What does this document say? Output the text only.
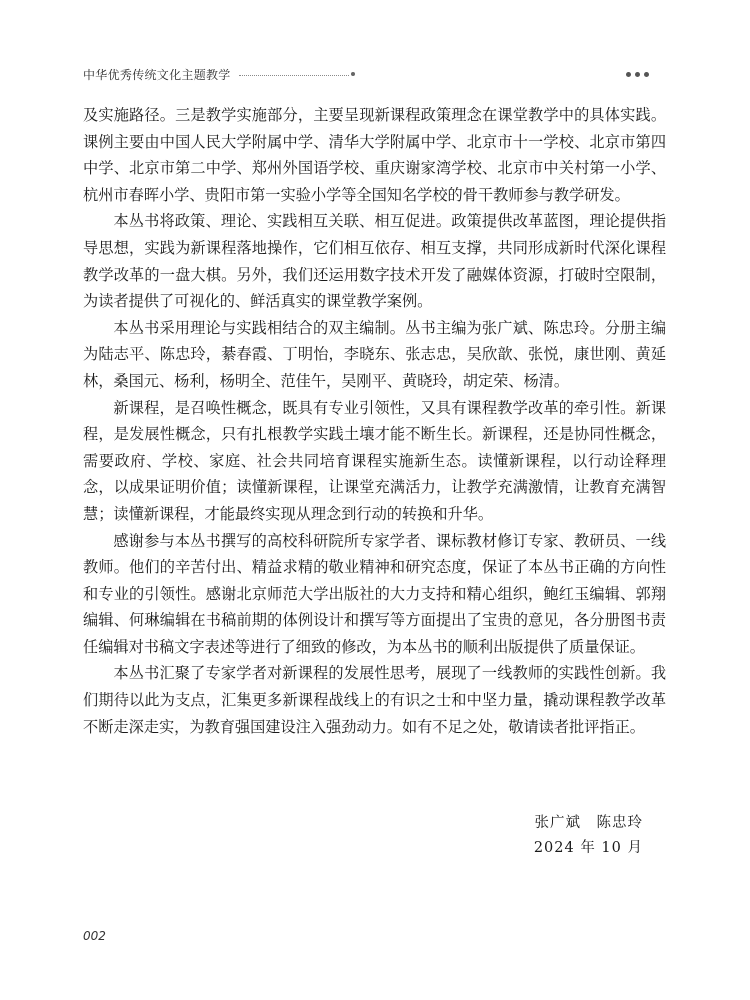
中华优秀传统文化主题教学

及实施路径。三是教学实施部分，主要呈现新课程政策理念在课堂教学中的具体实践。课例主要由中国人民大学附属中学、清华大学附属中学、北京市十一学校、北京市第四中学、北京市第二中学、郑州外国语学校、重庆谢家湾学校、北京市中关村第一小学、杭州市春晖小学、贵阳市第一实验小学等全国知名学校的骨干教师参与教学研发。

本丛书将政策、理论、实践相互关联、相互促进。政策提供改革蓝图，理论提供指导思想，实践为新课程落地操作，它们相互依存、相互支撑，共同形成新时代深化课程教学改革的一盘大棋。另外，我们还运用数字技术开发了融媒体资源，打破时空限制，为读者提供了可视化的、鲜活真实的课堂教学案例。

本丛书采用理论与实践相结合的双主编制。丛书主编为张广斌、陈忠玲。分册主编为陆志平、陈忠玲，綦春霞、丁明怡，李晓东、张志忠，吴欣歆、张悦，康世刚、黄延林，桑国元、杨利，杨明全、范佳午，吴刚平、黄晓玲，胡定荣、杨清。

新课程，是召唤性概念，既具有专业引领性，又具有课程教学改革的牵引性。新课程，是发展性概念，只有扎根教学实践土壤才能不断生长。新课程，还是协同性概念，需要政府、学校、家庭、社会共同培育课程实施新生态。读懂新课程，以行动诠释理念，以成果证明价值；读懂新课程，让课堂充满活力，让教学充满激情，让教育充满智慧；读懂新课程，才能最终实现从理念到行动的转换和升华。

感谢参与本丛书撰写的高校科研院所专家学者、课标教材修订专家、教研员、一线教师。他们的辛苦付出、精益求精的敬业精神和研究态度，保证了本丛书正确的方向性和专业的引领性。感谢北京师范大学出版社的大力支持和精心组织，鲍红玉编辑、郭翔编辑、何琳编辑在书稿前期的体例设计和撰写等方面提出了宝贵的意见，各分册图书责任编辑对书稿文字表述等进行了细致的修改，为本丛书的顺利出版提供了质量保证。

本丛书汇聚了专家学者对新课程的发展性思考，展现了一线教师的实践性创新。我们期待以此为支点，汇集更多新课程战线上的有识之士和中坚力量，撬动课程教学改革不断走深走实，为教育强国建设注入强劲动力。如有不足之处，敬请读者批评指正。

张广斌　陈忠玲
2024 年 10 月
002
